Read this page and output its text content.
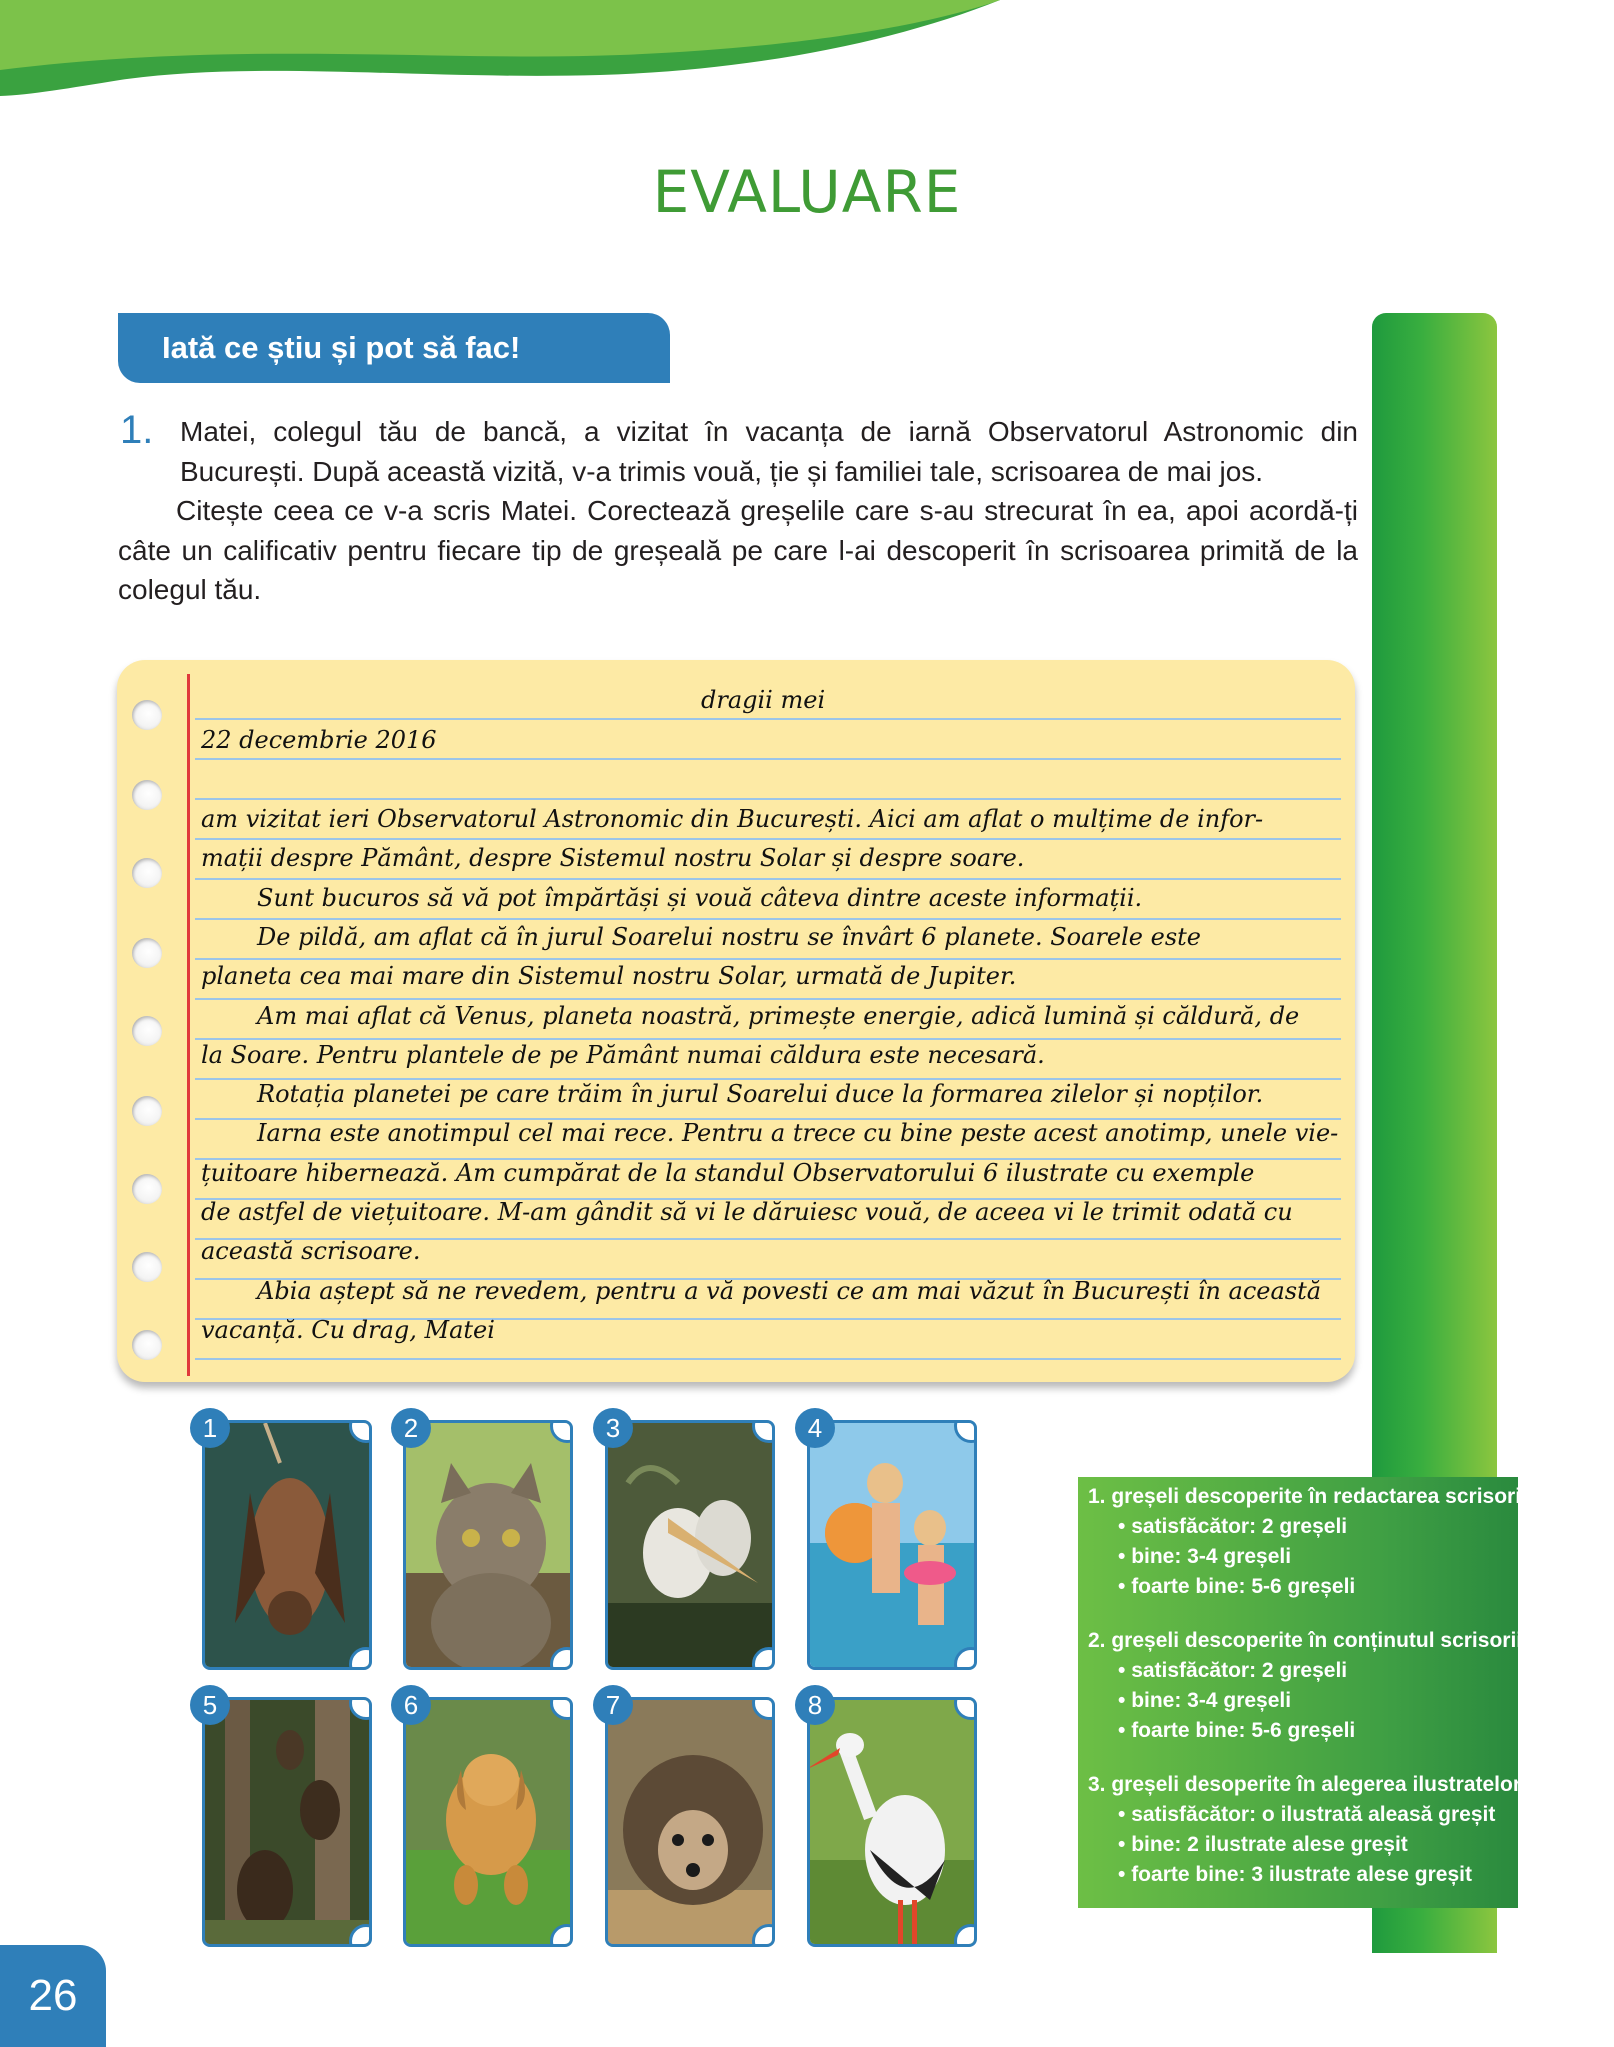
EVALUARE
Iată ce știu și pot să fac!
1. Matei, colegul tău de bancă, a vizitat în vacanța de iarnă Observatorul Astronomic din București. După această vizită, v-a trimis vouă, ție și familiei tale, scrisoarea de mai jos.

Citește ceea ce v-a scris Matei. Corectează greșelile care s-au strecurat în ea, apoi acordă-ți câte un calificativ pentru fiecare tip de greșeală pe care l-ai descoperit în scrisoarea primită de la colegul tău.

dragii mei
22 decembrie 2016
am vizitat ieri Observatorul Astronomic din București. Aici am aflat o mulțime de infor-
mații despre Pământ, despre Sistemul nostru Solar și despre soare.
Sunt bucuros să vă pot împărtăși și vouă câteva dintre aceste informații.
De pildă, am aflat că în jurul Soarelui nostru se învârt 6 planete. Soarele este
planeta cea mai mare din Sistemul nostru Solar, urmată de Jupiter.
Am mai aflat că Venus, planeta noastră, primește energie, adică lumină și căldură, de
la Soare. Pentru plantele de pe Pământ numai căldura este necesară.
Rotația planetei pe care trăim în jurul Soarelui duce la formarea zilelor și nopților.
Iarna este anotimpul cel mai rece. Pentru a trece cu bine peste acest anotimp, unele vie-
țuitoare hibernează. Am cumpărat de la standul Observatorului 6 ilustrate cu exemple
de astfel de viețuitoare. M-am gândit să vi le dăruiesc vouă, de aceea vi le trimit odată cu
această scrisoare.
Abia aștept să ne revedem, pentru a vă povesti ce am mai văzut în București în această
vacanță. Cu drag, Matei
1	2	3	4
5	6	7	8
1. greșeli descoperite în redactarea scrisorii
• satisfăcător: 2 greșeli
• bine: 3-4 greșeli
• foarte bine: 5-6 greșeli
2. greșeli descoperite în conținutul scrisorii
• satisfăcător: 2 greșeli
• bine: 3-4 greșeli
• foarte bine: 5-6 greșeli
3. greșeli desoperite în alegerea ilustratelor
• satisfăcător: o ilustrată aleasă greșit
• bine: 2 ilustrate alese greșit
• foarte bine: 3 ilustrate alese greșit
26
